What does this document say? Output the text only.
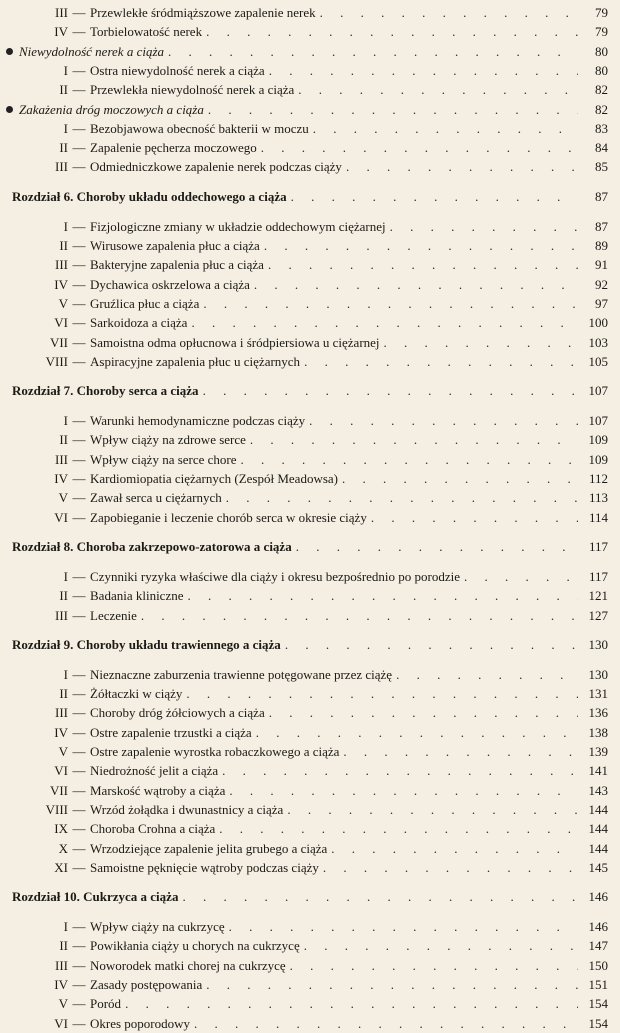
III — Przewlekłe śródmiąższowe zapalenie nerek . . .	79
IV — Torbielowatość nerek . . .	79
Niewydolność nerek a ciąża . . .	80
I — Ostra niewydolność nerek a ciąża . . .	80
II — Przewlekła niewydolność nerek a ciąża . . .	82
Zakażenia dróg moczowych a ciąża . . .	82
I — Bezobjawowa obecność bakterii w moczu . . .	83
II — Zapalenie pęcherza moczowego . . .	84
III — Odmiedniczkowe zapalenie nerek podczas ciąży . . .	85
Rozdział 6. Choroby układu oddechowego a ciąża . . .	87
I — Fizjologiczne zmiany w układzie oddechowym ciężarnej . . .	87
II — Wirusowe zapalenia płuc a ciąża . . .	89
III — Bakteryjne zapalenia płuc a ciąża . . .	91
IV — Dychawica oskrzelowa a ciąża . . .	92
V — Gruźlica płuc a ciąża . . .	97
VI — Sarkoidoza a ciąża . . .	100
VII — Samoistna odma opłucnowa i śródpiersiowa u ciężarnej . . .	103
VIII — Aspiracyjne zapalenia płuc u ciężarnych . . .	105
Rozdział 7. Choroby serca a ciąża . . .	107
I — Warunki hemodynamiczne podczas ciąży . . .	107
II — Wpływ ciąży na zdrowe serce . . .	109
III — Wpływ ciąży na serce chore . . .	109
IV — Kardiomiopatia ciężarnych (Zespół Meadowsa) . . .	112
V — Zawał serca u ciężarnych . . .	113
VI — Zapobieganie i leczenie chorób serca w okresie ciąży . . .	114
Rozdział 8. Choroba zakrzepowo-zatorowa a ciąża . . .	117
I — Czynniki ryzyka właściwe dla ciąży i okresu bezpośrednio po porodzie . . .	117
II — Badania kliniczne . . .	121
III — Leczenie . . .	127
Rozdział 9. Choroby układu trawiennego a ciąża . . .	130
I — Nieznaczne zaburzenia trawienne potęgowane przez ciążę . . .	130
II — Żółtaczki w ciąży . . .	131
III — Choroby dróg żółciowych a ciąża . . .	136
IV — Ostre zapalenie trzustki a ciąża . . .	138
V — Ostre zapalenie wyrostka robaczkowego a ciąża . . .	139
VI — Niedrożność jelit a ciąża . . .	141
VII — Marskość wątroby a ciąża . . .	143
VIII — Wrzód żołądka i dwunastnicy a ciąża . . .	144
IX — Choroba Crohna a ciąża . . .	144
X — Wrzodziejące zapalenie jelita grubego a ciąża . . .	144
XI — Samoistne pęknięcie wątroby podczas ciąży . . .	145
Rozdział 10. Cukrzyca a ciąża . . .	146
I — Wpływ ciąży na cukrzycę . . .	146
II — Powikłania ciąży u chorych na cukrzycę . . .	147
III — Noworodek matki chorej na cukrzycę . . .	150
IV — Zasady postępowania . . .	151
V — Poród . . .	154
VI — Okres poporodowy . . .	154
